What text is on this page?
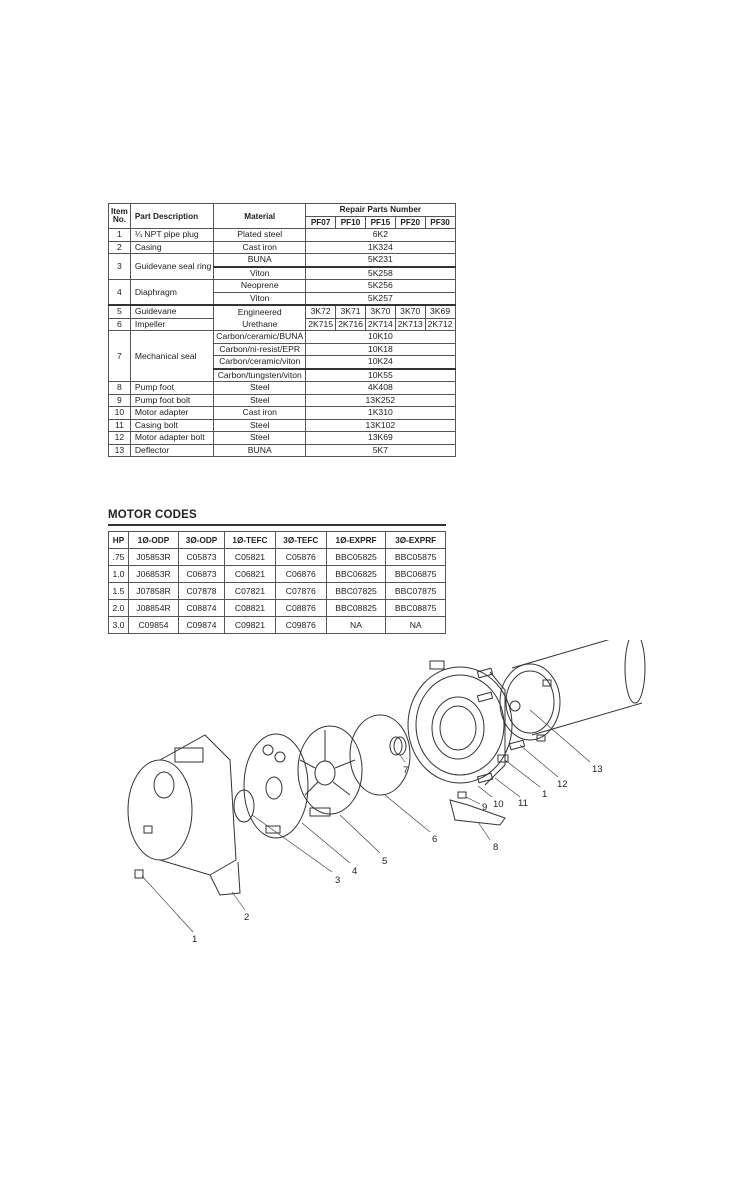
Item
No.	Part Description	Material	Repair Parts Number				
			PF07	PF10	PF15	PF20	PF30
1	¼ NPT pipe plug	Plated steel	6K2				
2	Casing	Cast iron	1K324				
3	Guidevane seal ring	BUNA	5K231				
		Viton	5K258				
4	Diaphragm	Neoprene	5K256				
		Viton	5K257				
5	Guidevane	Engineered	3K72	3K71	3K70	3K70	3K69
6	Impeller	Urethane	2K715	2K716	2K714	2K713	2K712
7	Mechanical seal	Carbon/ceramic/BUNA	10K10				
		Carbon/ni-resist/EPR	10K18				
		Carbon/ceramic/viton	10K24				
		Carbon/tungsten/viton	10K55				
8	Pump foot	Steel	4K408				
9	Pump foot bolt	Steel	13K252				
10	Motor adapter	Cast iron	1K310				
11	Casing bolt	Steel	13K102				
12	Motor adapter bolt	Steel	13K69				
13	Deflector	BUNA	5K7				
MOTOR CODES
HP	1Ø-ODP	3Ø-ODP	1Ø-TEFC	3Ø-TEFC	1Ø-EXPRF	3Ø-EXPRF
.75	J05853R	C05873	C05821	C05876	BBC05825	BBC05875
1.0	J06853R	C06873	C06821	C06876	BBC06825	BBC06875
1.5	J07858R	C07878	C07821	C07876	BBC07825	BBC07875
2.0	J08854R	C08874	C08821	C08876	BBC08825	BBC08875
3.0	C09854	C09874	C09821	C09876	NA	NA
1
2
3
4
5
6
7
8
9 10 11
1
12
13
